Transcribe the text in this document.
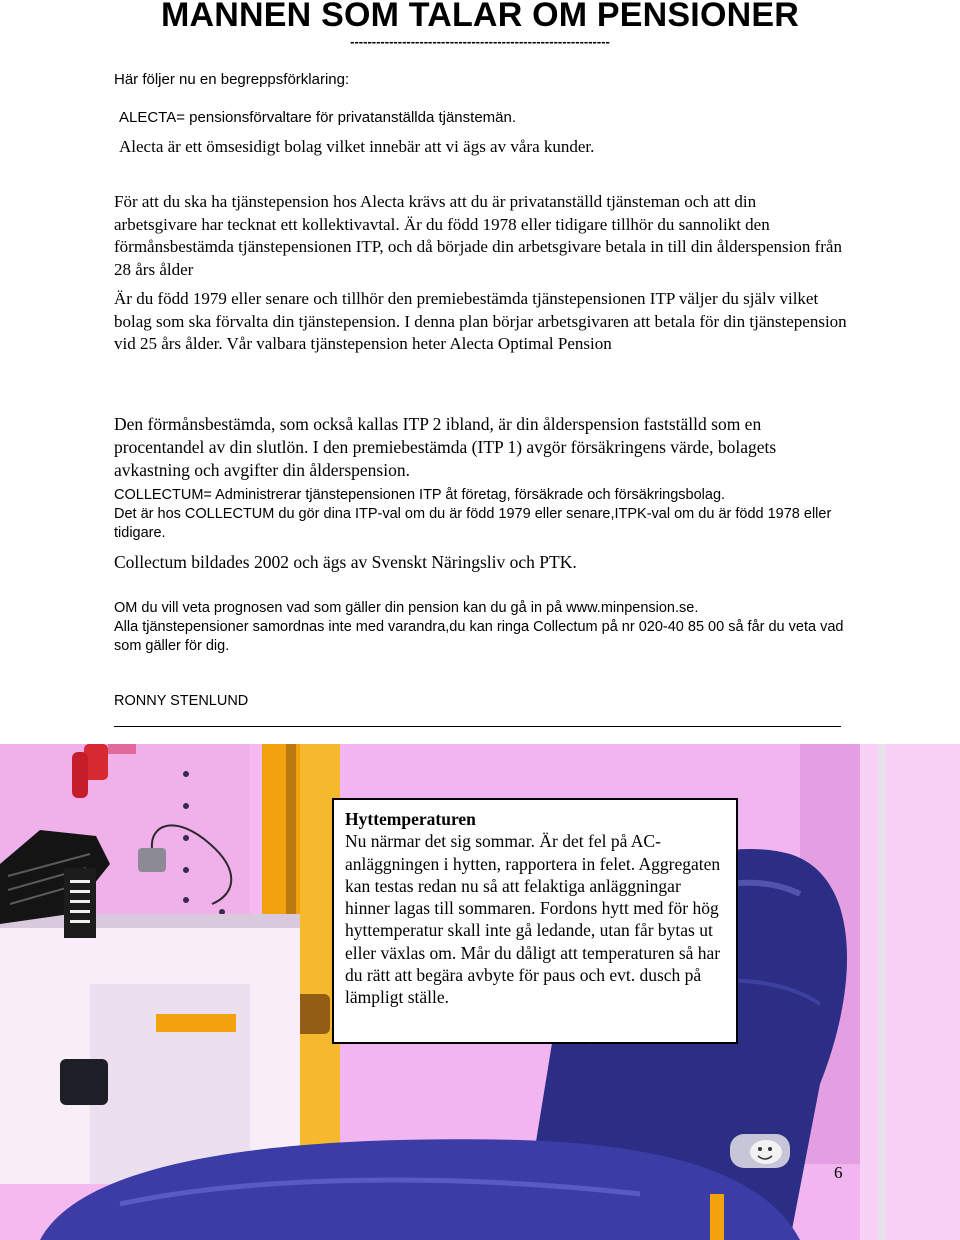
MANNEN SOM TALAR OM PENSIONER
------------------------------------------------------------

Här följer nu en begreppsförklaring:

ALECTA= pensionsförvaltare för privatanställda tjänstemän.

Alecta är ett ömsesidigt bolag vilket innebär att vi ägs av våra kunder.

För att du ska ha tjänstepension hos Alecta krävs att du är privatanställd tjänsteman och att din arbetsgivare har tecknat ett kollektivavtal. Är du född 1978 eller tidigare tillhör du sannolikt den förmånsbestämda tjänstepensionen ITP, och då började din arbetsgivare betala in till din ålderspension från 28 års ålder

Är du född 1979 eller senare och tillhör den premiebestämda tjänstepensionen ITP väljer du själv vilket bolag som ska förvalta din tjänstepension. I denna plan börjar arbetsgivaren att betala för din tjänstepension vid 25 års ålder. Vår valbara tjänstepension heter Alecta Optimal Pension

Den förmånsbestämda, som också kallas ITP 2 ibland, är din ålderspension fastställd som en procentandel av din slutlön. I den premiebestämda (ITP 1) avgör försäkringens värde, bolagets avkastning och avgifter din ålderspension.

COLLECTUM= Administrerar tjänstepensionen ITP åt företag, försäkrade och försäkringsbolag.

Det är hos COLLECTUM du gör dina ITP-val om du är född 1979 eller senare,ITPK-val om du är född 1978 eller tidigare.

Collectum bildades 2002 och ägs av Svenskt Näringsliv och PTK.

OM du vill veta prognosen vad som gäller din pension kan du gå in på www.minpension.se.

Alla tjänstepensioner samordnas inte med varandra,du kan ringa Collectum på nr 020-40 85 00 så får du veta vad som gäller för dig.

RONNY STENLUND

Hyttemperaturen

Nu närmar det sig sommar. Är det fel på AC-anläggningen i hytten, rapportera in felet. Aggregaten kan testas redan nu så att felaktiga anläggningar hinner lagas till sommaren. Fordons hytt med för hög hyttemperatur skall inte gå ledande, utan får bytas ut eller växlas om. Mår du dåligt att temperaturen så har du rätt att begära avbyte för paus och evt. dusch på lämpligt ställe.

6
